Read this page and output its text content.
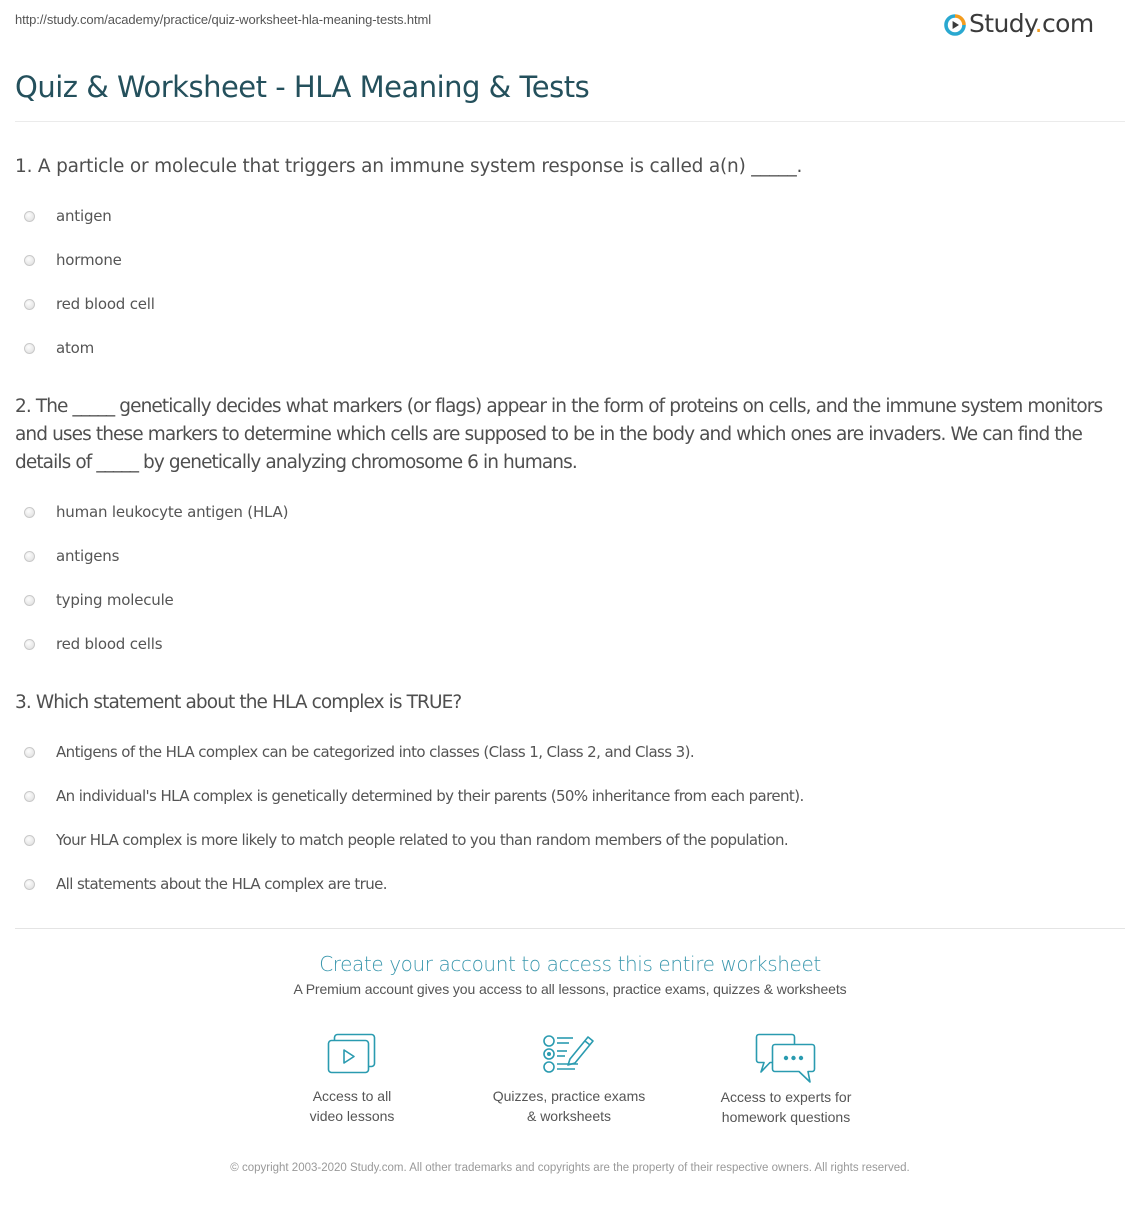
http://study.com/academy/practice/quiz-worksheet-hla-meaning-tests.html	Study.com
Quiz & Worksheet - HLA Meaning & Tests
1. A particle or molecule that triggers an immune system response is called a(n) _____.
antigen
hormone
red blood cell
atom
2. The _____ genetically decides what markers (or flags) appear in the form of proteins on cells, and the immune system monitors and uses these markers to determine which cells are supposed to be in the body and which ones are invaders. We can find the details of _____ by genetically analyzing chromosome 6 in humans.
human leukocyte antigen (HLA)
antigens
typing molecule
red blood cells
3. Which statement about the HLA complex is TRUE?
Antigens of the HLA complex can be categorized into classes (Class 1, Class 2, and Class 3).
An individual's HLA complex is genetically determined by their parents (50% inheritance from each parent).
Your HLA complex is more likely to match people related to you than random members of the population.
All statements about the HLA complex are true.
Create your account to access this entire worksheet
A Premium account gives you access to all lessons, practice exams, quizzes & worksheets
Access to all
video lessons
Quizzes, practice exams
& worksheets
Access to experts for
homework questions
© copyright 2003-2020 Study.com. All other trademarks and copyrights are the property of their respective owners. All rights reserved.
